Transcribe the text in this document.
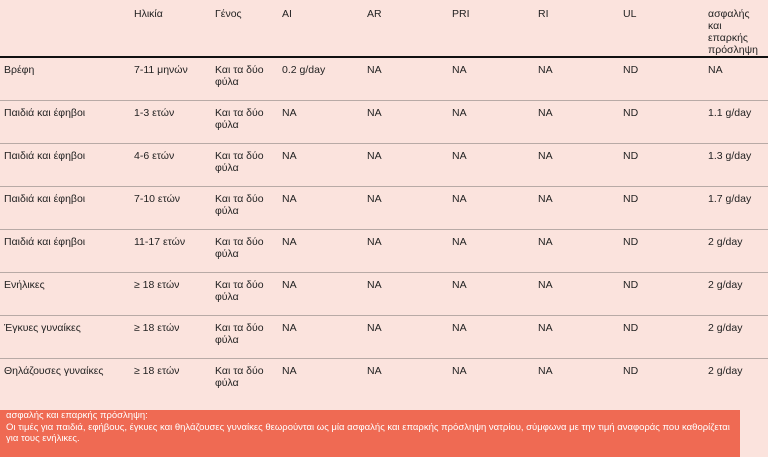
	Ηλικία	Γένος	AI	AR	PRI	RI	UL	ασφαλής και επαρκής πρόσληψη
Βρέφη	7-11 μηνών	Και τα δύο φύλα	0.2 g/day	NA	NA	NA	ND	NA
Παιδιά και έφηβοι	1-3 ετών	Και τα δύο φύλα	NA	NA	NA	NA	ND	1.1 g/day
Παιδιά και έφηβοι	4-6 ετών	Και τα δύο φύλα	NA	NA	NA	NA	ND	1.3 g/day
Παιδιά και έφηβοι	7-10 ετών	Και τα δύο φύλα	NA	NA	NA	NA	ND	1.7 g/day
Παιδιά και έφηβοι	11-17 ετών	Και τα δύο φύλα	NA	NA	NA	NA	ND	2 g/day
Ενήλικες	≥ 18 ετών	Και τα δύο φύλα	NA	NA	NA	NA	ND	2 g/day
Έγκυες γυναίκες	≥ 18 ετών	Και τα δύο φύλα	NA	NA	NA	NA	ND	2 g/day
Θηλάζουσες γυναίκες	≥ 18 ετών	Και τα δύο φύλα	NA	NA	NA	NA	ND	2 g/day
ασφαλής και επαρκής πρόσληψη:
Οι τιμές για παιδιά, εφήβους, έγκυες και θηλάζουσες γυναίκες θεωρούνται ως μία ασφαλής και επαρκής πρόσληψη νατρίου, σύμφωνα με την τιμή αναφοράς που καθορίζεται για τους ενήλικες.
